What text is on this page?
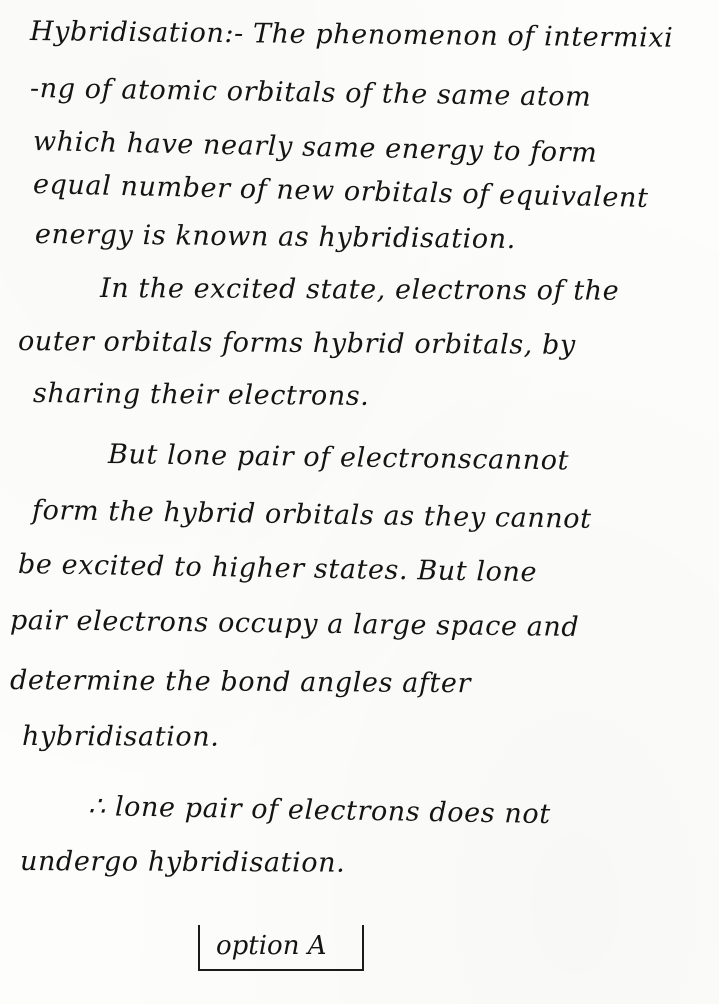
Hybridisation:- The phenomenon of intermixi
-ng of atomic orbitals of the same atom
which have nearly same energy to form
equal number of new orbitals of equivalent
energy is known as hybridisation.
In the excited state, electrons of the
outer orbitals forms hybrid orbitals, by
sharing their electrons.
But lone pair of electronscannot
form the hybrid orbitals as they cannot
be excited to higher states. But lone
pair electrons occupy a large space and
determine the bond angles after
hybridisation.
∴ lone pair of electrons does not
undergo hybridisation.
option A
